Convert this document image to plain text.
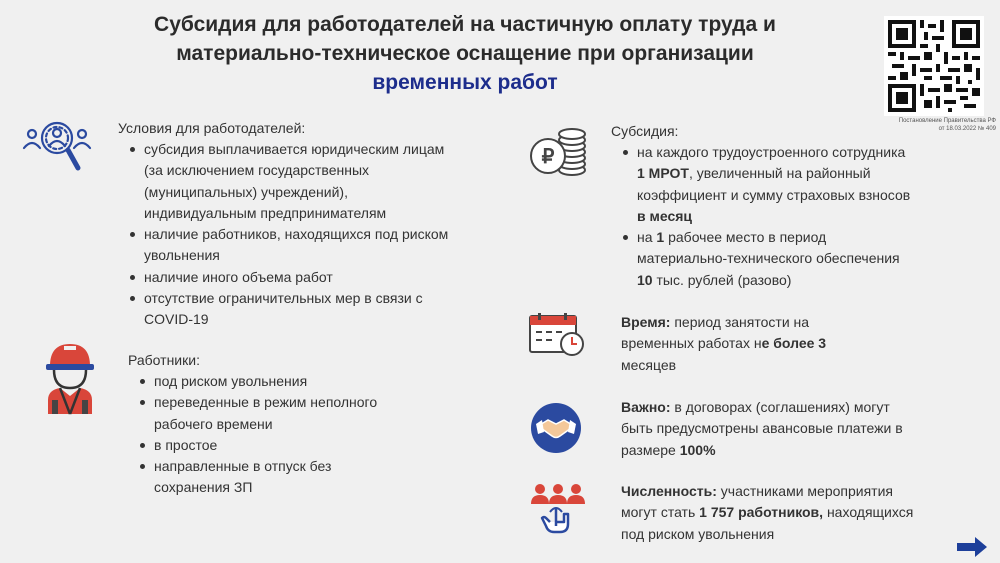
Субсидия для работодателей на частичную оплату труда и
материально-техническое оснащение при организации
временных работ
Постановление Правительства РФ
от 18.03.2022 № 409

Условия для работодателей:

субсидия выплачивается юридическим лицам (за исключением государственных (муниципальных) учреждений), индивидуальным предпринимателям
наличие работников, находящихся под риском увольнения
наличие иного объема работ
отсутствие ограничительных мер в связи с COVID-19

Работники:

под риском увольнения
переведенные в режим неполного рабочего времени
в простое
направленные в отпуск без сохранения ЗП
₽

Субсидия:

на каждого трудоустроенного сотрудника 1 МРОТ, увеличенный на районный коэффициент и сумму страховых взносов в месяц
на 1 рабочее место в период материально-технического обеспечения 10 тыс. рублей (разово)

Время: период занятости на временных работах не более 3 месяцев

Важно: в договорах (соглашениях) могут быть предусмотрены авансовые платежи в размере 100%

Численность: участниками мероприятия могут стать 1 757 работников, находящихся под риском увольнения
